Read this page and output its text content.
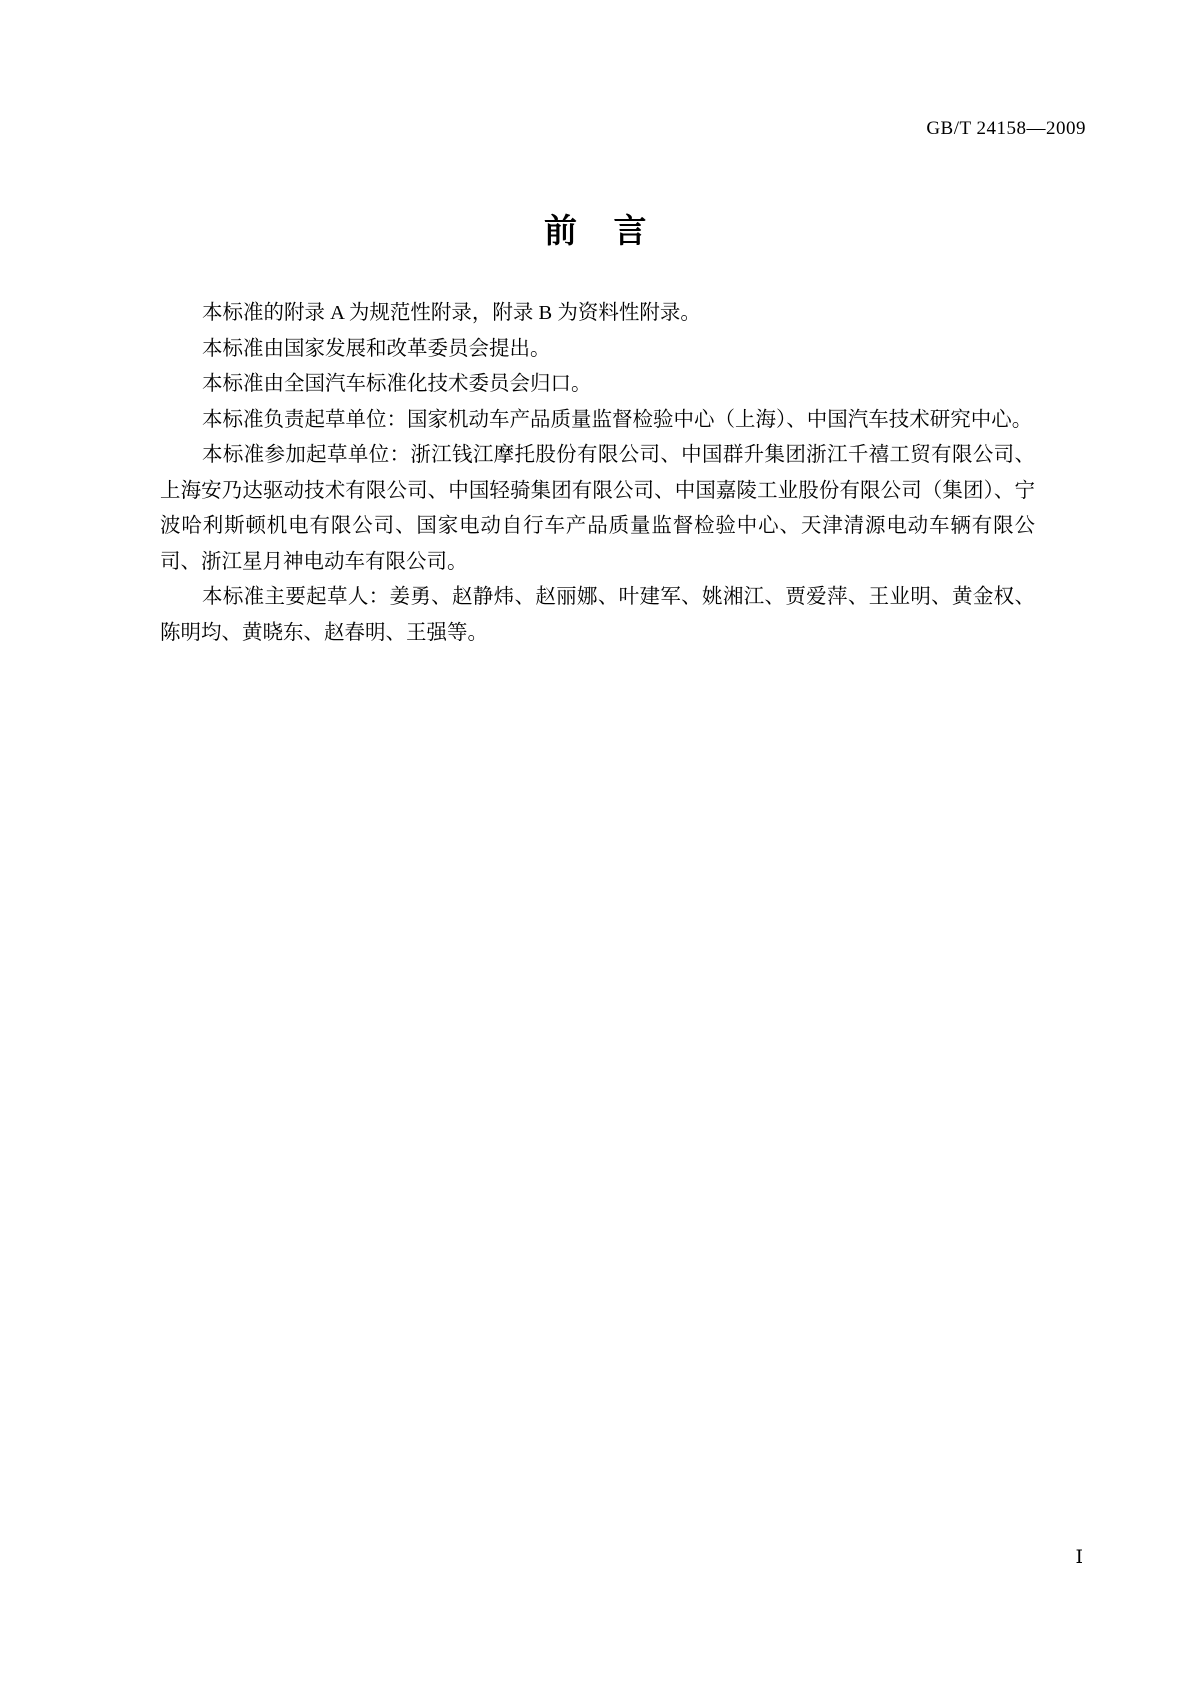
GB/T 24158—2009
前 言

本标准的附录 A 为规范性附录，附录 B 为资料性附录。

本标准由国家发展和改革委员会提出。

本标准由全国汽车标准化技术委员会归口。

本标准负责起草单位：国家机动车产品质量监督检验中心（上海）、中国汽车技术研究中心。

本标准参加起草单位：浙江钱江摩托股份有限公司、中国群升集团浙江千禧工贸有限公司、上海安乃达驱动技术有限公司、中国轻骑集团有限公司、中国嘉陵工业股份有限公司（集团）、宁波哈利斯顿机电有限公司、国家电动自行车产品质量监督检验中心、天津清源电动车辆有限公司、浙江星月神电动车有限公司。

本标准主要起草人：姜勇、赵静炜、赵丽娜、叶建军、姚湘江、贾爱萍、王业明、黄金权、陈明均、黄晓东、赵春明、王强等。

Ⅰ
